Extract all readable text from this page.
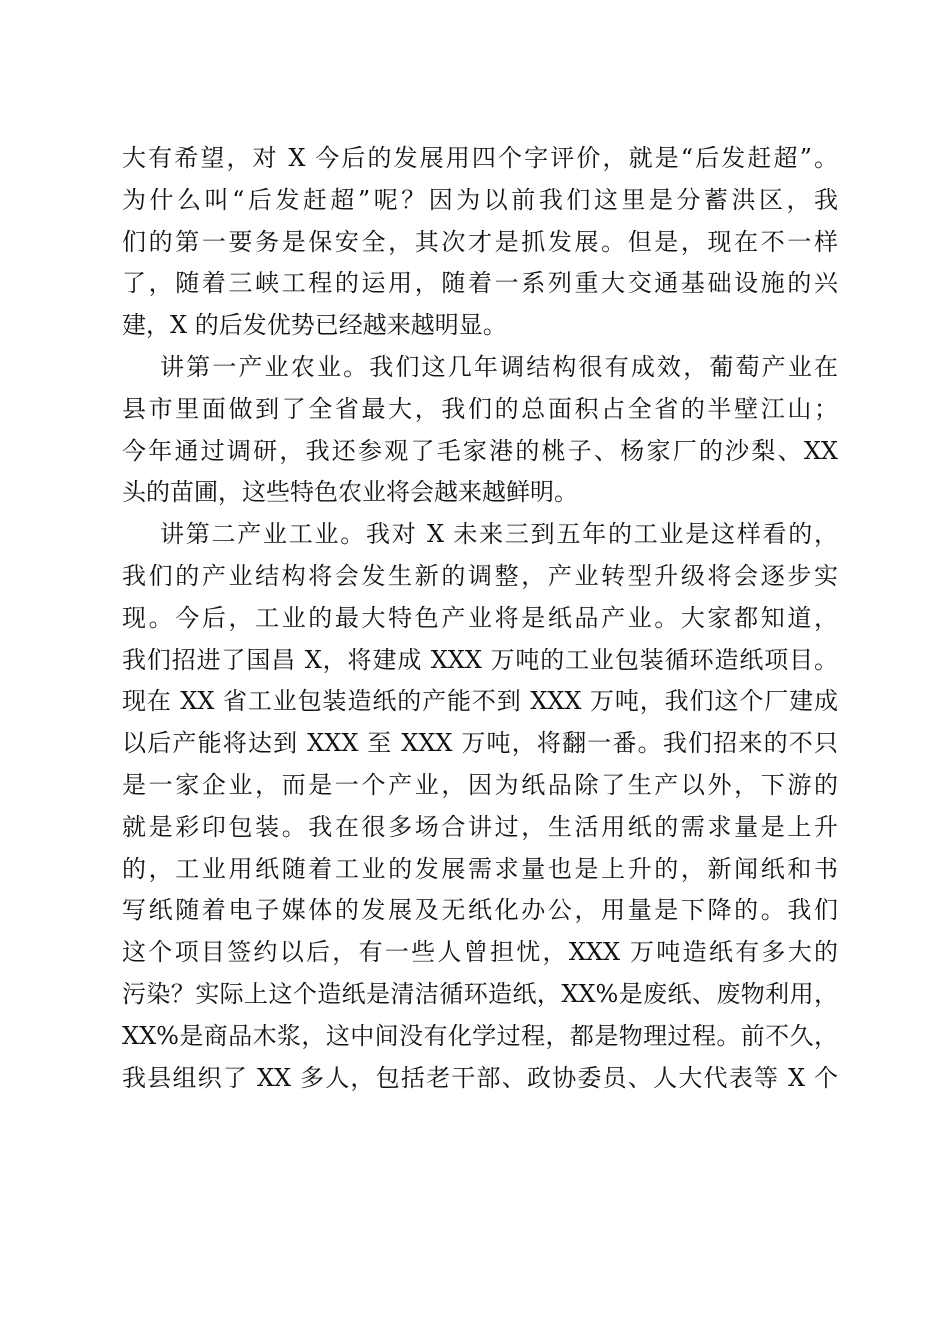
大有希望，对 X 今后的发展用四个字评价，就是“后发赶超”。
为什么叫“后发赶超”呢？因为以前我们这里是分蓄洪区，我
们的第一要务是保安全，其次才是抓发展。但是，现在不一样
了，随着三峡工程的运用，随着一系列重大交通基础设施的兴
建，X 的后发优势已经越来越明显。
讲第一产业农业。我们这几年调结构很有成效，葡萄产业在
县市里面做到了全省最大，我们的总面积占全省的半壁江山；
今年通过调研，我还参观了毛家港的桃子、杨家厂的沙梨、XX
头的苗圃，这些特色农业将会越来越鲜明。
讲第二产业工业。我对 X 未来三到五年的工业是这样看的，
我们的产业结构将会发生新的调整，产业转型升级将会逐步实
现。今后，工业的最大特色产业将是纸品产业。大家都知道，
我们招进了国昌 X，将建成 XXX 万吨的工业包装循环造纸项目。
现在 XX 省工业包装造纸的产能不到 XXX 万吨，我们这个厂建成
以后产能将达到 XXX 至 XXX 万吨，将翻一番。我们招来的不只
是一家企业，而是一个产业，因为纸品除了生产以外，下游的
就是彩印包装。我在很多场合讲过，生活用纸的需求量是上升
的，工业用纸随着工业的发展需求量也是上升的，新闻纸和书
写纸随着电子媒体的发展及无纸化办公，用量是下降的。我们
这个项目签约以后，有一些人曾担忧，XXX 万吨造纸有多大的
污染？实际上这个造纸是清洁循环造纸，XX%是废纸、废物利用，
XX%是商品木浆，这中间没有化学过程，都是物理过程。前不久，
我县组织了 XX 多人，包括老干部、政协委员、人大代表等 X 个
